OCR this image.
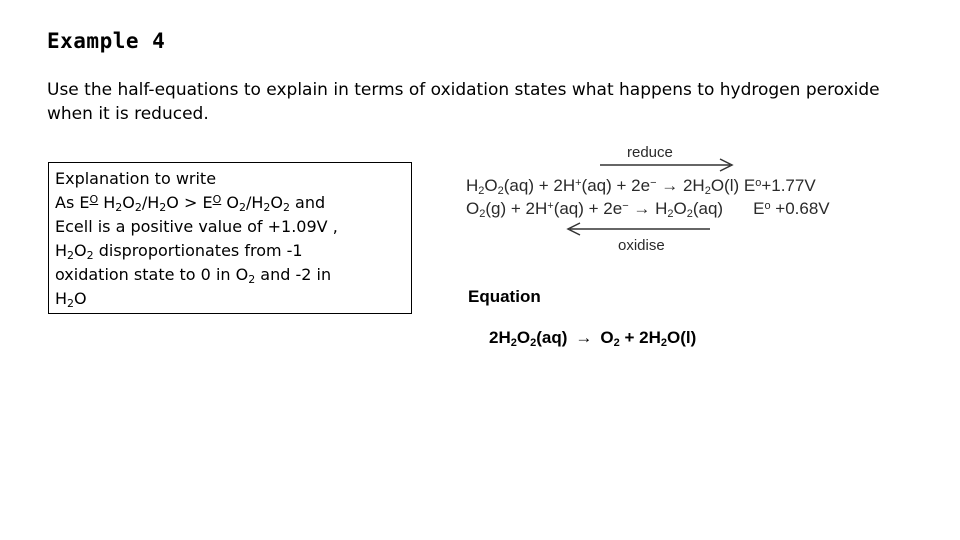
Example 4
Use the half-equations to explain in terms of oxidation states what happens to hydrogen peroxide when it is reduced.
Explanation to write
As $E^O$ $H_2O_2/H_2O > E^O$ $O_2/H_2O_2$ and
Ecell is a positive value of +1.09V ,
$H_2O_2$ disproportionates from -1
oxidation state to 0 in $O_2$ and -2 in
$H_2O$
reduce
$H_2O_2(aq) + 2H^+(aq) + 2e^- \to 2H_2O(l)$ $E^o+1.77V$
$O_2(g) + 2H^+(aq) + 2e^- \to H_2O_2(aq)$ $E^o +0.68V$
oxidise
Equation
$2H_2O_2(aq) \to O_2 + 2H_2O(l)$
